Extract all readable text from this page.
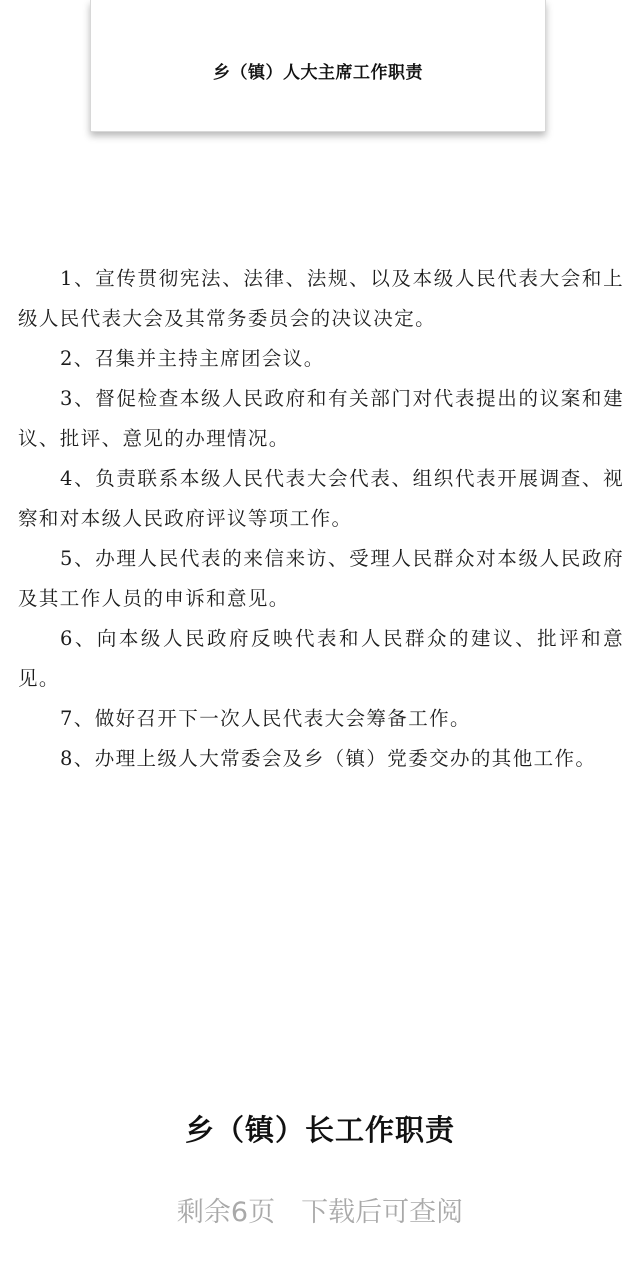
乡（镇）人大主席工作职责

1、宣传贯彻宪法、法律、法规、以及本级人民代表大会和上级人民代表大会及其常务委员会的决议决定。

2、召集并主持主席团会议。

3、督促检查本级人民政府和有关部门对代表提出的议案和建议、批评、意见的办理情况。

4、负责联系本级人民代表大会代表、组织代表开展调查、视察和对本级人民政府评议等项工作。

5、办理人民代表的来信来访、受理人民群众对本级人民政府及其工作人员的申诉和意见。

6、向本级人民政府反映代表和人民群众的建议、批评和意见。

7、做好召开下一次人民代表大会筹备工作。

8、办理上级人大常委会及乡（镇）党委交办的其他工作。

乡（镇）长工作职责
剩余6页 下载后可查阅
